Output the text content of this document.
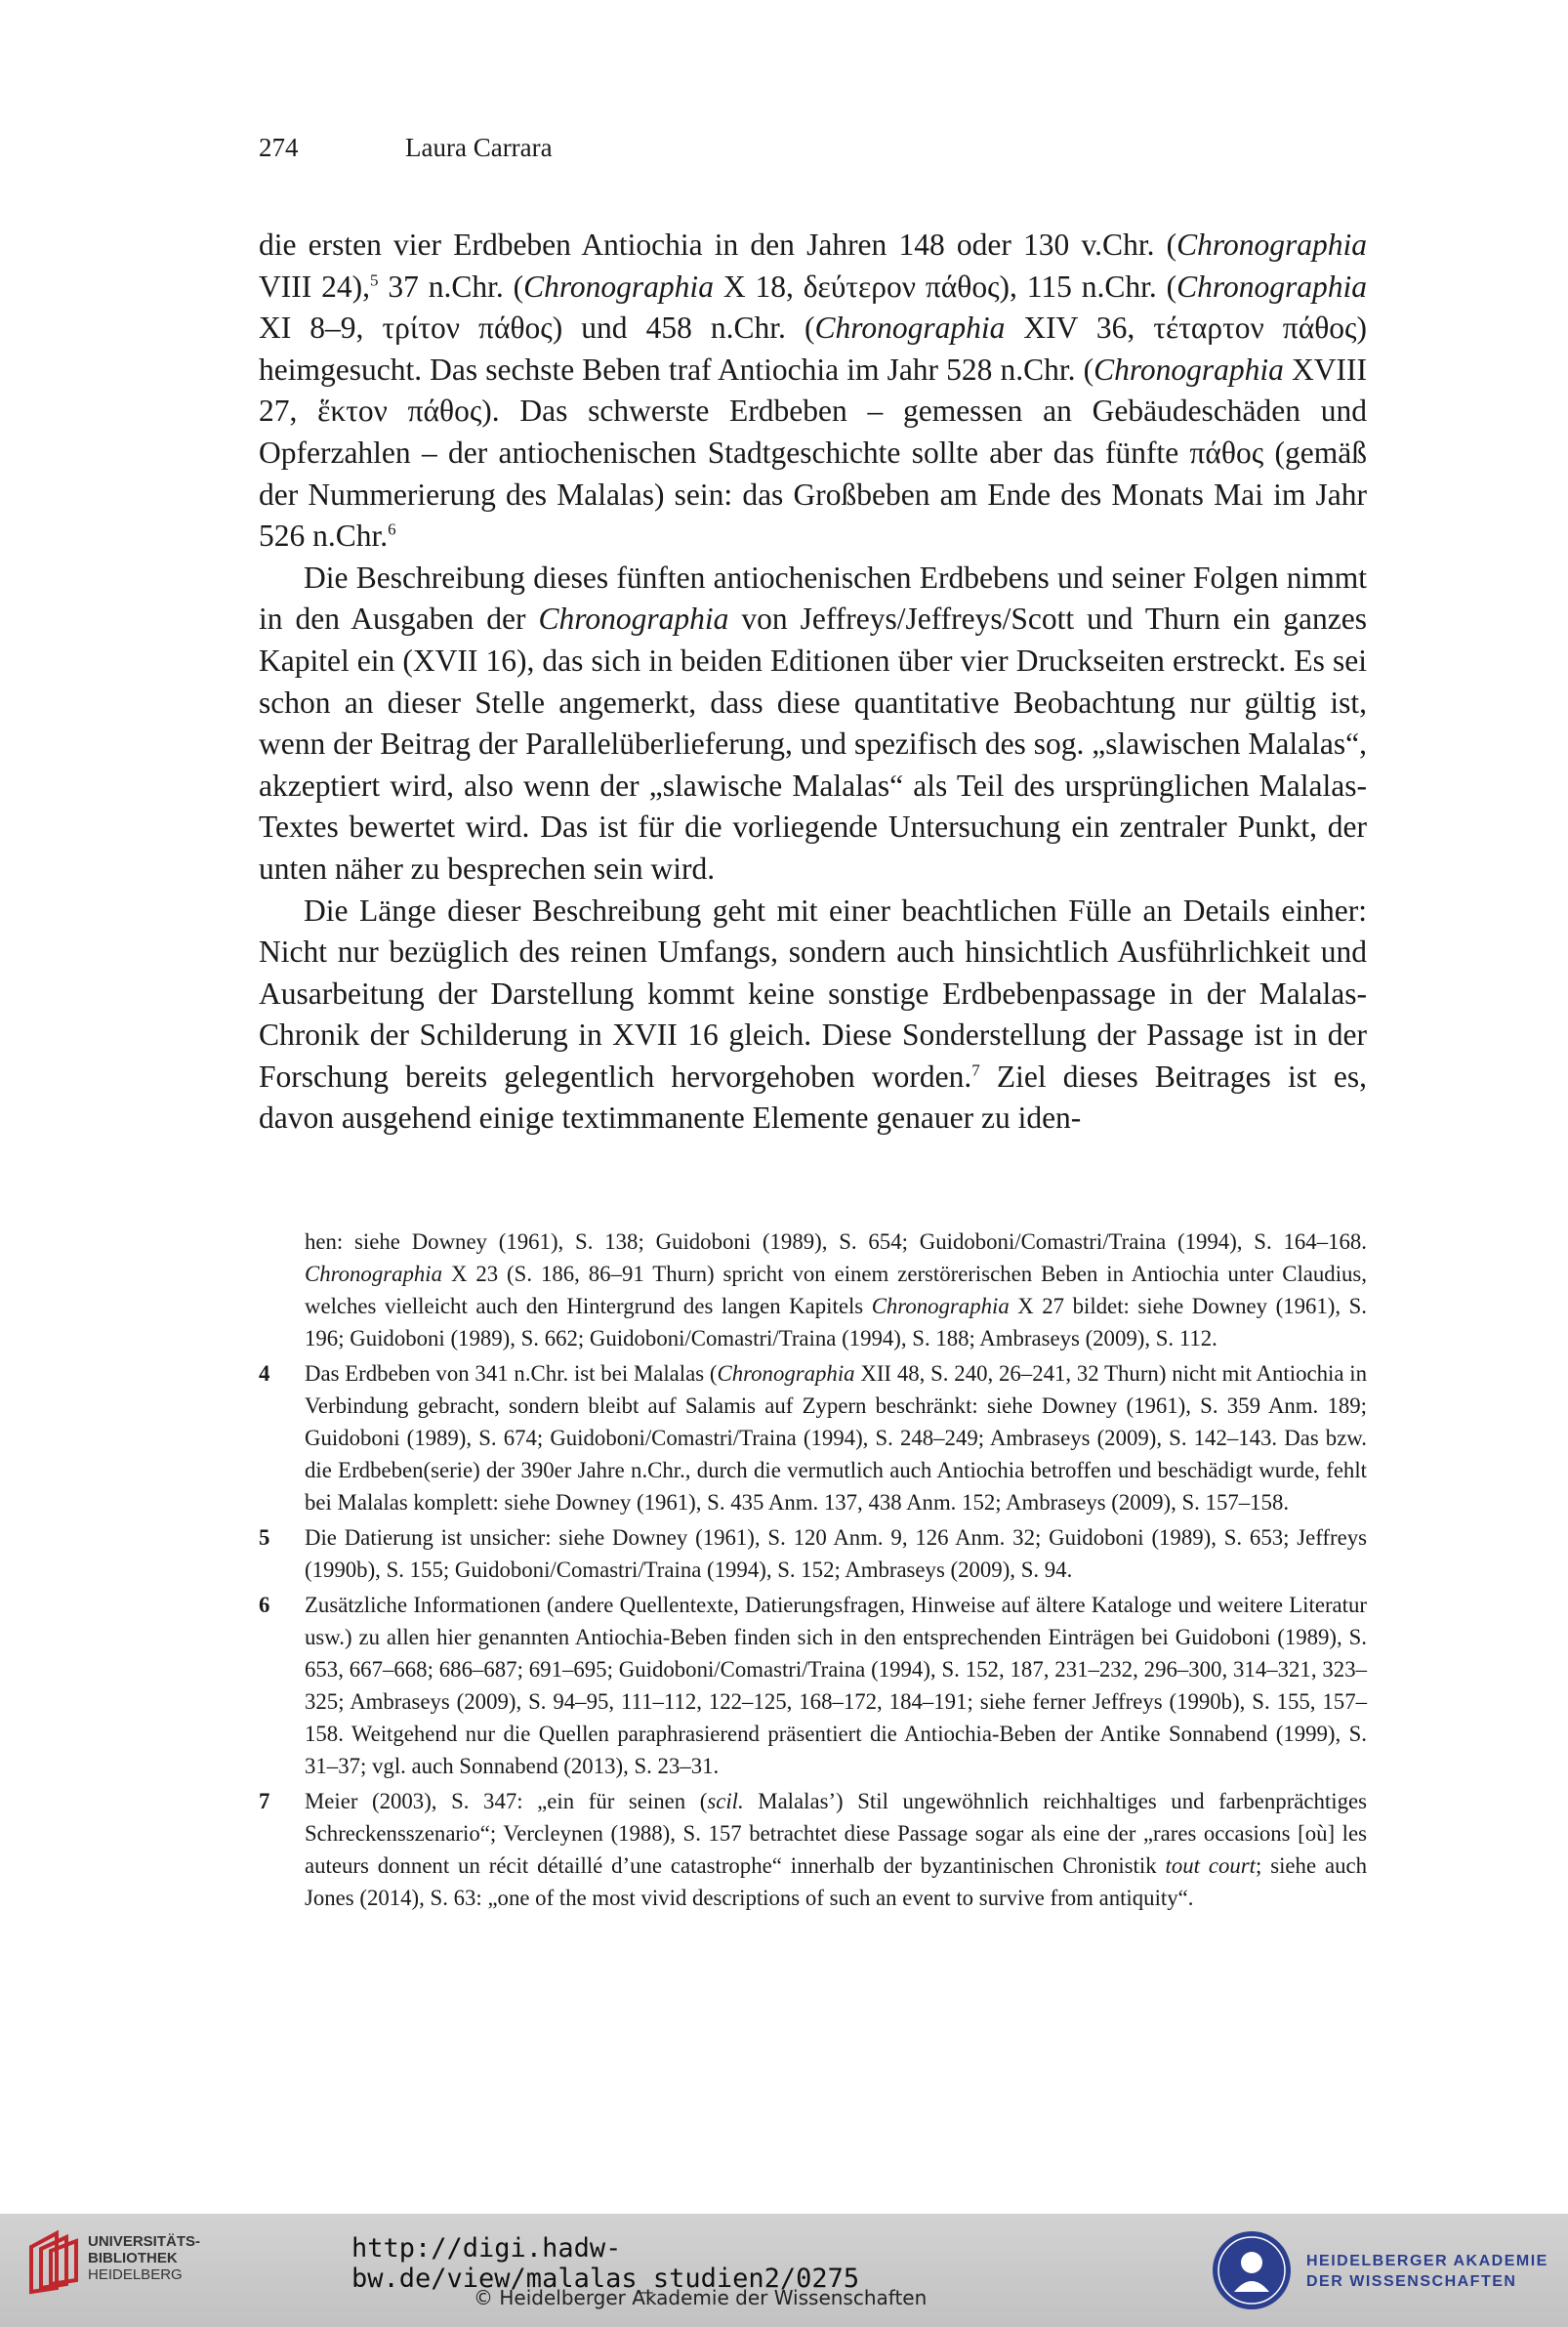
274	Laura Carrara

die ersten vier Erdbeben Antiochia in den Jahren 148 oder 130 v.Chr. (Chronographia VIII 24),$^5$ 37 n.Chr. (Chronographia X 18, δεύτερον πάθος), 115 n.Chr. (Chronographia XI 8–9, τρίτον πάθος) und 458 n.Chr. (Chronographia XIV 36, τέταρτον πάθος) heimgesucht. Das sechste Beben traf Antiochia im Jahr 528 n.Chr. (Chronographia XVIII 27, ἕκτον πάθος). Das schwerste Erdbeben – gemessen an Gebäudeschäden und Opferzahlen – der antiochenischen Stadtgeschichte sollte aber das fünfte πάθος (gemäß der Nummerierung des Malalas) sein: das Großbeben am Ende des Monats Mai im Jahr 526 n.Chr.$^6$

Die Beschreibung dieses fünften antiochenischen Erdbebens und seiner Folgen nimmt in den Ausgaben der Chronographia von Jeffreys/Jeffreys/Scott und Thurn ein ganzes Kapitel ein (XVII 16), das sich in beiden Editionen über vier Druckseiten erstreckt. Es sei schon an dieser Stelle angemerkt, dass diese quantitative Beobachtung nur gültig ist, wenn der Beitrag der Parallelüberlieferung, und spezifisch des sog. „slawischen Malalas“, akzeptiert wird, also wenn der „slawische Malalas“ als Teil des ursprünglichen Malalas-Textes bewertet wird. Das ist für die vorliegende Untersuchung ein zentraler Punkt, der unten näher zu besprechen sein wird.

Die Länge dieser Beschreibung geht mit einer beachtlichen Fülle an Details einher: Nicht nur bezüglich des reinen Umfangs, sondern auch hinsichtlich Ausführlichkeit und Ausarbeitung der Darstellung kommt keine sonstige Erdbebenpassage in der Malalas-Chronik der Schilderung in XVII 16 gleich. Diese Sonderstellung der Passage ist in der Forschung bereits gelegentlich hervorgehoben worden.$^7$ Ziel dieses Beitrages ist es, davon ausgehend einige textimmanente Elemente genauer zu iden-

hen: siehe Downey (1961), S. 138; Guidoboni (1989), S. 654; Guidoboni/Comastri/Traina (1994), S. 164–168. Chronographia X 23 (S. 186, 86–91 Thurn) spricht von einem zerstörerischen Beben in Antiochia unter Claudius, welches vielleicht auch den Hintergrund des langen Kapitels Chronographia X 27 bildet: siehe Downey (1961), S. 196; Guidoboni (1989), S. 662; Guidoboni/Comastri/Traina (1994), S. 188; Ambraseys (2009), S. 112.
4	Das Erdbeben von 341 n.Chr. ist bei Malalas (Chronographia XII 48, S. 240, 26–241, 32 Thurn) nicht mit Antiochia in Verbindung gebracht, sondern bleibt auf Salamis auf Zypern beschränkt: siehe Downey (1961), S. 359 Anm. 189; Guidoboni (1989), S. 674; Guidoboni/Comastri/Traina (1994), S. 248–249; Ambraseys (2009), S. 142–143. Das bzw. die Erdbeben(serie) der 390er Jahre n.Chr., durch die vermutlich auch Antiochia betroffen und beschädigt wurde, fehlt bei Malalas komplett: siehe Downey (1961), S. 435 Anm. 137, 438 Anm. 152; Ambraseys (2009), S. 157–158.
5	Die Datierung ist unsicher: siehe Downey (1961), S. 120 Anm. 9, 126 Anm. 32; Guidoboni (1989), S. 653; Jeffreys (1990b), S. 155; Guidoboni/Comastri/Traina (1994), S. 152; Ambraseys (2009), S. 94.
6	Zusätzliche Informationen (andere Quellentexte, Datierungsfragen, Hinweise auf ältere Kataloge und weitere Literatur usw.) zu allen hier genannten Antiochia-Beben finden sich in den entsprechenden Einträgen bei Guidoboni (1989), S. 653, 667–668; 686–687; 691–695; Guidoboni/Comastri/Traina (1994), S. 152, 187, 231–232, 296–300, 314–321, 323–325; Ambraseys (2009), S. 94–95, 111–112, 122–125, 168–172, 184–191; siehe ferner Jeffreys (1990b), S. 155, 157–158. Weitgehend nur die Quellen paraphrasierend präsentiert die Antiochia-Beben der Antike Sonnabend (1999), S. 31–37; vgl. auch Sonnabend (2013), S. 23–31.
7	Meier (2003), S. 347: „ein für seinen (scil. Malalas’) Stil ungewöhnlich reichhaltiges und farbenprächtiges Schreckensszenario“; Vercleynen (1988), S. 157 betrachtet diese Passage sogar als eine der „rares occasions [où] les auteurs donnent un récit détaillé d’une catastrophe“ innerhalb der byzantinischen Chronistik tout court; siehe auch Jones (2014), S. 63: „one of the most vivid descriptions of such an event to survive from antiquity“.
UNIVERSITÄTS-
BIBLIOTHEK
HEIDELBERG
http://digi.hadw-bw.de/view/malalas_studien2/0275
© Heidelberger Akademie der Wissenschaften
HEIDELBERGER AKADEMIE
DER WISSENSCHAFTEN
